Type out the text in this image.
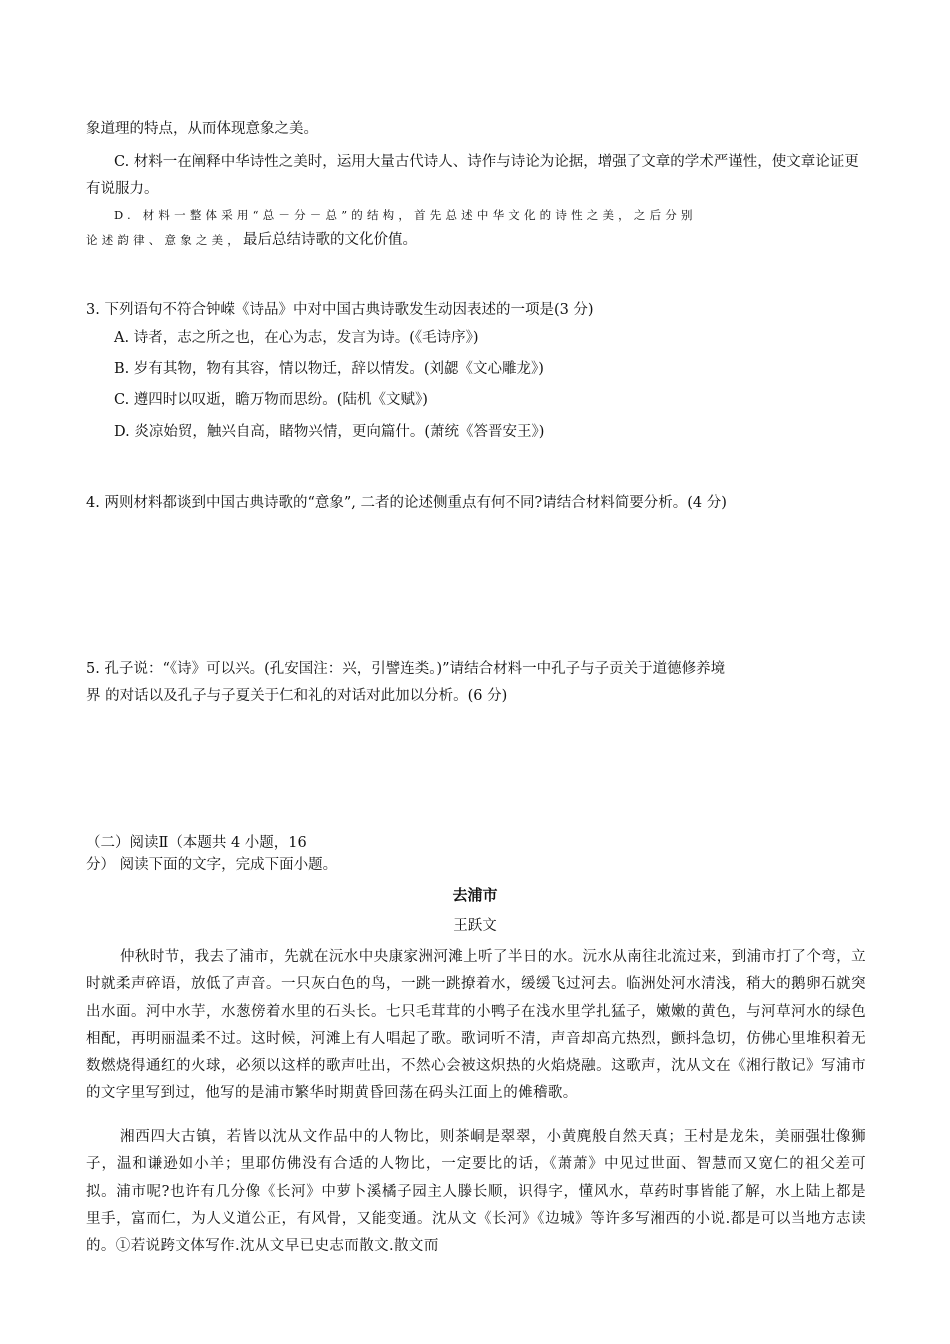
象道理的特点，从而体现意象之美。

C. 材料一在阐释中华诗性之美时，运用大量古代诗人、诗作与诗论为论据，增强了文章的学术严谨性，使文章论证更有说服力。

D. 材料一整体采用“总－分－总”的结构，首先总述中华文化的诗性之美，之后分别

论述韵律、意象之美，最后总结诗歌的文化价值。

3. 下列语句不符合钟嵘《诗品》中对中国古典诗歌发生动因表述的一项是(3 分)

A. 诗者，志之所之也，在心为志，发言为诗。(《毛诗序》)

B. 岁有其物，物有其容，情以物迁，辞以情发。(刘勰《文心雕龙》)

C. 遵四时以叹逝，瞻万物而思纷。(陆机《文赋》)

D. 炎凉始贸，触兴自高，睹物兴情，更向篇什。(萧统《答晋安王》)

4. 两则材料都谈到中国古典诗歌的“意象”, 二者的论述侧重点有何不同?请结合材料简要分析。(4 分)

5. 孔子说：“《诗》可以兴。(孔安国注：兴，引譬连类。)”请结合材料一中孔子与子贡关于道德修养境

界 的对话以及孔子与子夏关于仁和礼的对话对此加以分析。(6 分)

（二）阅读Ⅱ（本题共 4 小题，16

分） 阅读下面的文字，完成下面小题。

去浦市

王跃文

仲秋时节，我去了浦市，先就在沅水中央康家洲河滩上听了半日的水。沅水从南往北流过来，到浦市打了个弯，立时就柔声碎语，放低了声音。一只灰白色的鸟，一跳一跳撩着水，缓缓飞过河去。临洲处河水清浅，稍大的鹅卵石就突出水面。河中水芋，水葱傍着水里的石头长。七只毛茸茸的小鸭子在浅水里学扎猛子，嫩嫩的黄色，与河草河水的绿色相配，再明丽温柔不过。这时候，河滩上有人唱起了歌。歌词听不清，声音却高亢热烈，颤抖急切，仿佛心里堆积着无数燃烧得通红的火球，必须以这样的歌声吐出，不然心会被这炽热的火焰烧融。这歌声，沈从文在《湘行散记》写浦市的文字里写到过，他写的是浦市繁华时期黄昏回荡在码头江面上的傩稽歌。

湘西四大古镇，若皆以沈从文作品中的人物比，则茶峒是翠翠，小黄麂般自然天真；王村是龙朱，美丽强壮像狮子，温和谦逊如小羊；里耶仿佛没有合适的人物比，一定要比的话，《萧萧》中见过世面、智慧而又宽仁的祖父差可拟。浦市呢?也许有几分像《长河》中萝卜溪橘子园主人滕长顺，识得字，懂风水，草药时事皆能了解，水上陆上都是里手，富而仁，为人义道公正，有风骨，又能变通。沈从文《长河》《边城》等许多写湘西的小说.都是可以当地方志读的。①若说跨文体写作.沈从文早已史志而散文.散文而
